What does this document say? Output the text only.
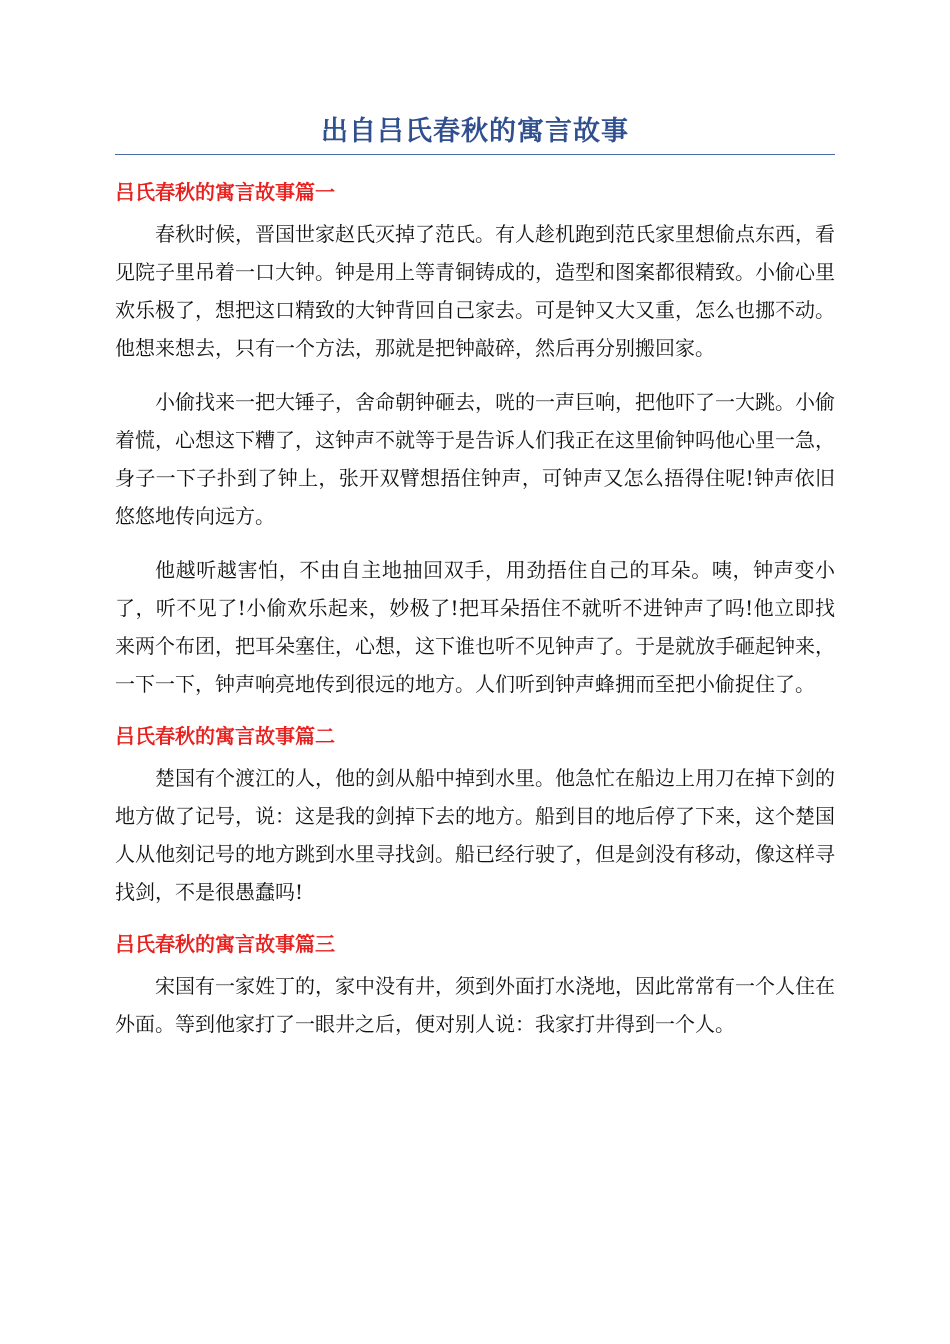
出自吕氏春秋的寓言故事
吕氏春秋的寓言故事篇一

春秋时候，晋国世家赵氏灭掉了范氏。有人趁机跑到范氏家里想偷点东西，看见院子里吊着一口大钟。钟是用上等青铜铸成的，造型和图案都很精致。小偷心里欢乐极了，想把这口精致的大钟背回自己家去。可是钟又大又重，怎么也挪不动。他想来想去，只有一个方法，那就是把钟敲碎，然后再分别搬回家。

小偷找来一把大锤子，舍命朝钟砸去，咣的一声巨响，把他吓了一大跳。小偷着慌，心想这下糟了，这钟声不就等于是告诉人们我正在这里偷钟吗他心里一急，身子一下子扑到了钟上，张开双臂想捂住钟声，可钟声又怎么捂得住呢!钟声依旧悠悠地传向远方。

他越听越害怕，不由自主地抽回双手，用劲捂住自己的耳朵。咦，钟声变小了，听不见了!小偷欢乐起来，妙极了!把耳朵捂住不就听不进钟声了吗!他立即找来两个布团，把耳朵塞住，心想，这下谁也听不见钟声了。于是就放手砸起钟来，一下一下，钟声响亮地传到很远的地方。人们听到钟声蜂拥而至把小偷捉住了。

吕氏春秋的寓言故事篇二

楚国有个渡江的人，他的剑从船中掉到水里。他急忙在船边上用刀在掉下剑的地方做了记号，说：这是我的剑掉下去的地方。船到目的地后停了下来，这个楚国人从他刻记号的地方跳到水里寻找剑。船已经行驶了，但是剑没有移动，像这样寻找剑，不是很愚蠢吗!

吕氏春秋的寓言故事篇三

宋国有一家姓丁的，家中没有井，须到外面打水浇地，因此常常有一个人住在外面。等到他家打了一眼井之后，便对别人说：我家打井得到一个人。
